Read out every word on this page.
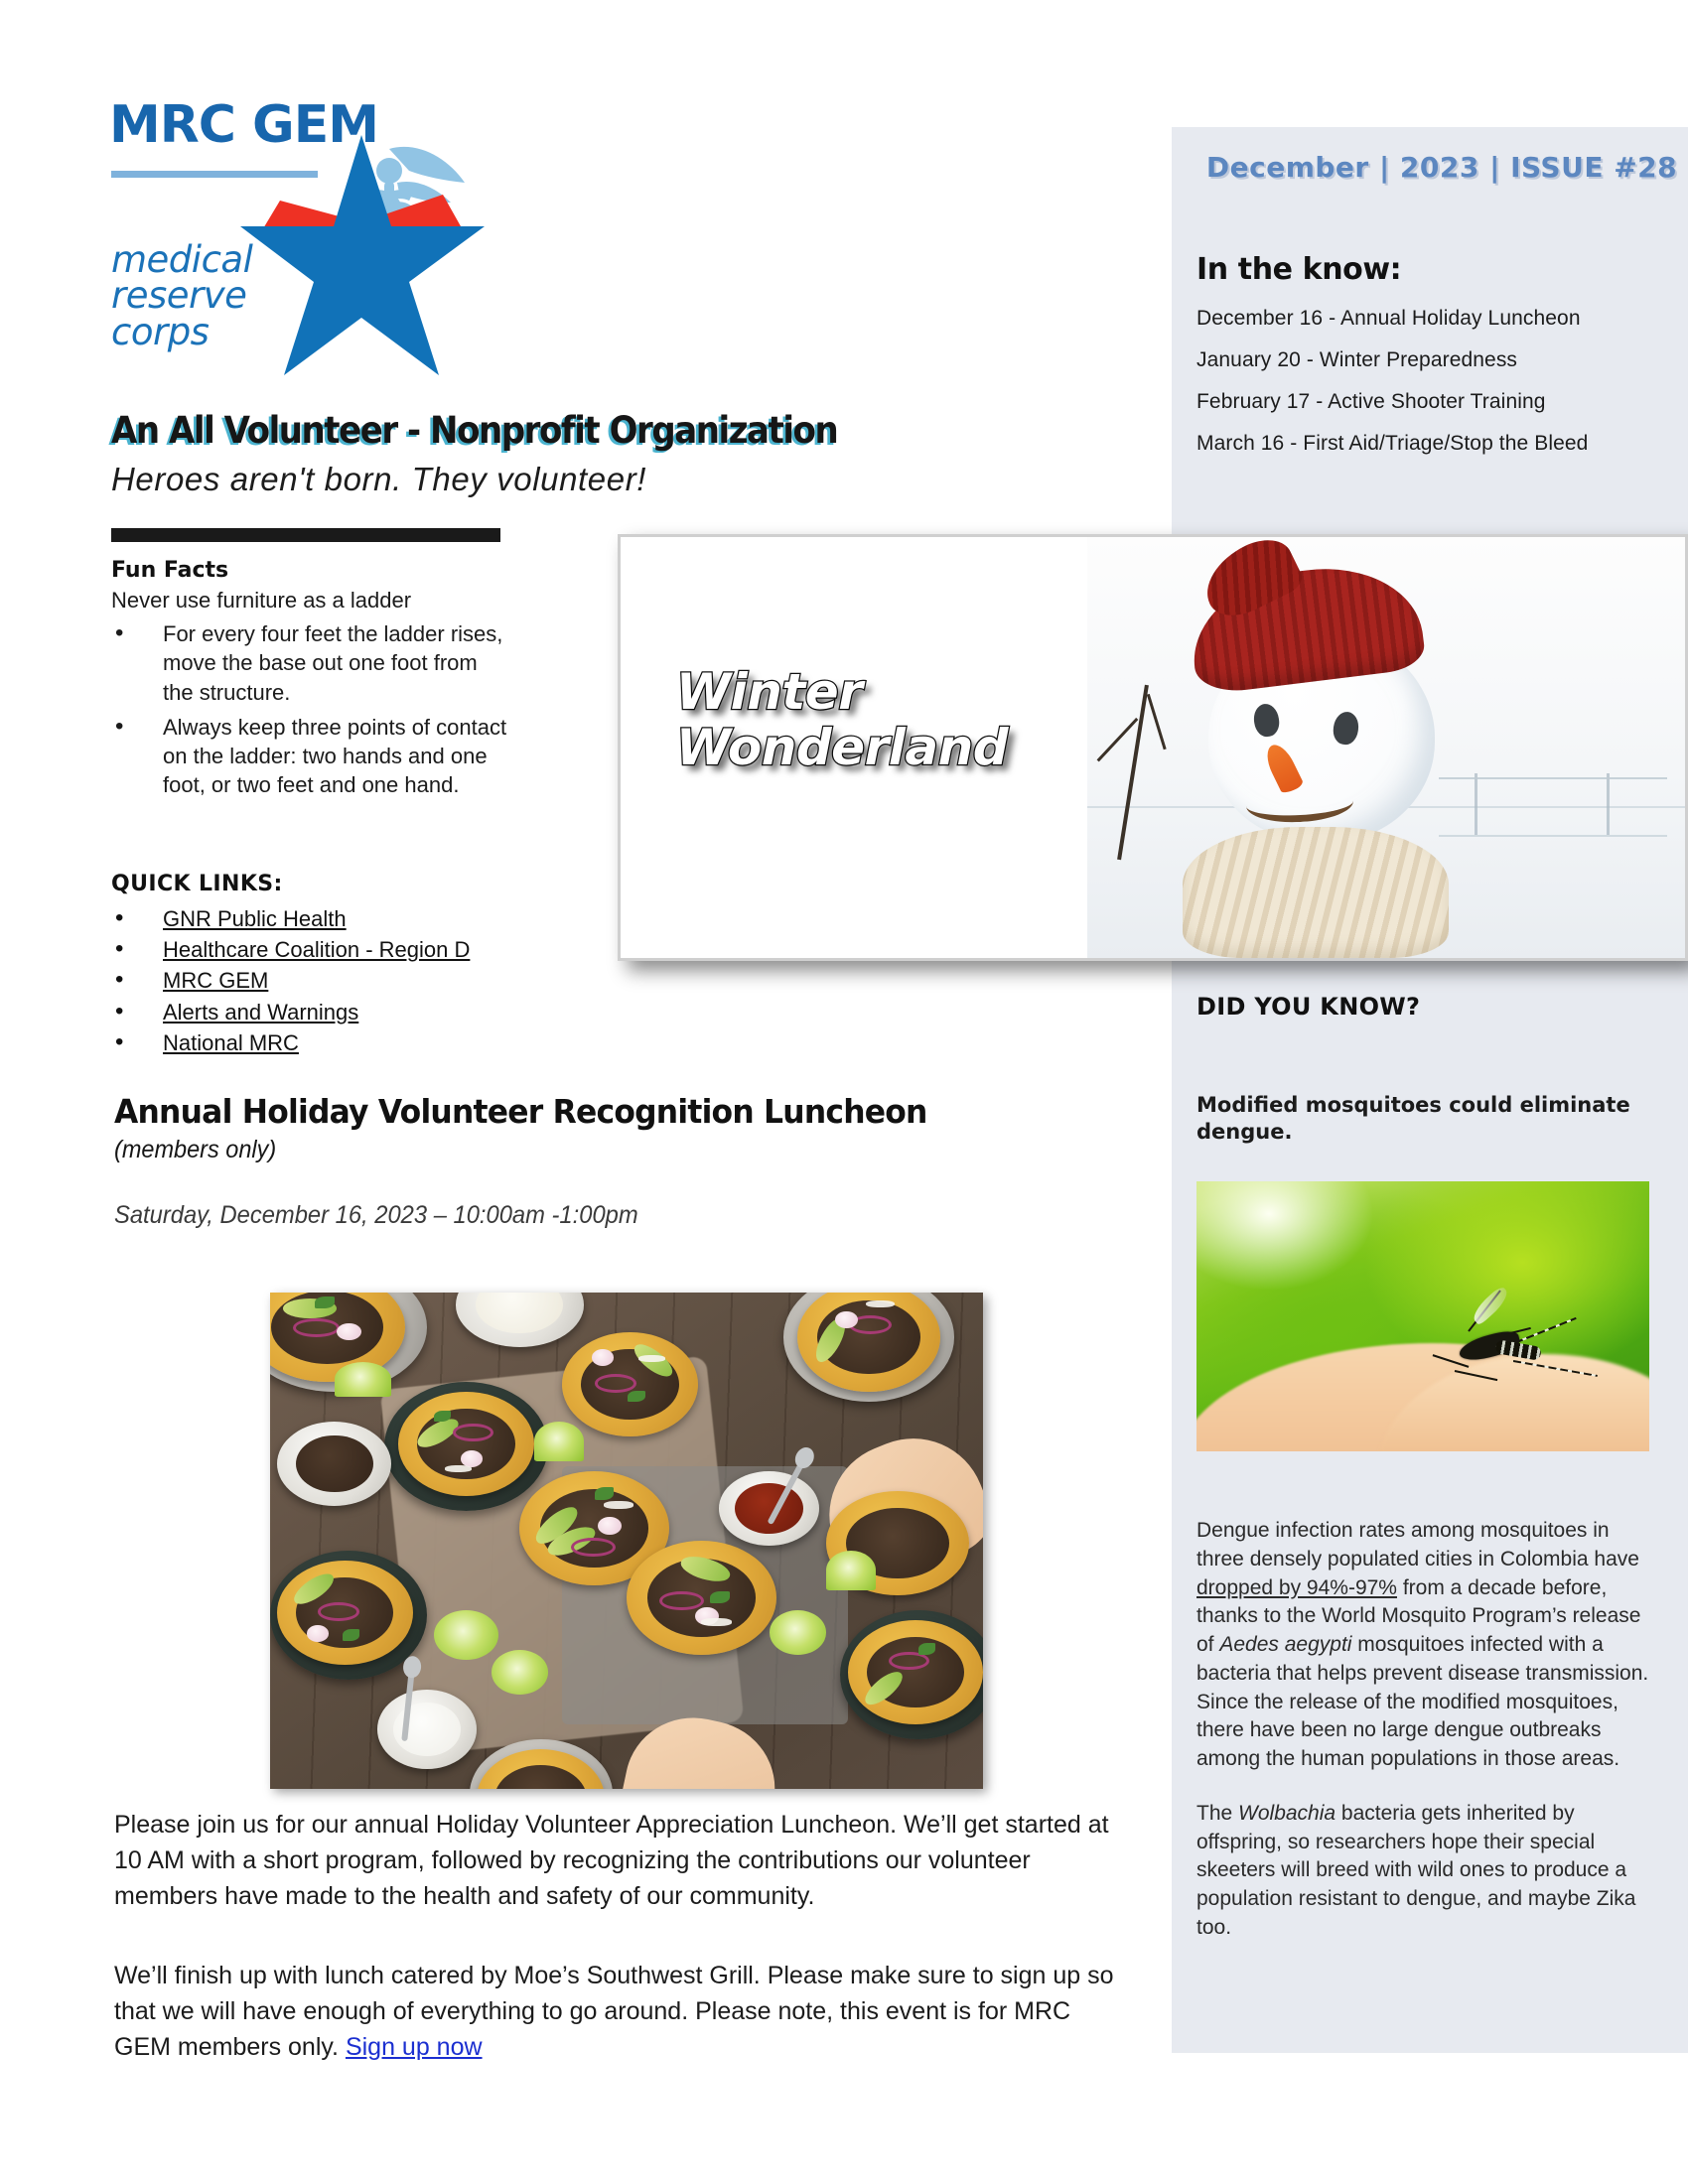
December | 2023 | ISSUE #28
In the know:
December 16 - Annual Holiday Luncheon
January 20 - Winter Preparedness
February 17 - Active Shooter Training
March 16 - First Aid/Triage/Stop the Bleed
DID YOU KNOW?
Modified mosquitoes could eliminate dengue.

Dengue infection rates among mosquitoes in three densely populated cities in Colombia have dropped by 94%-97% from a decade before, thanks to the World Mosquito Program’s release of Aedes aegypti mosquitoes infected with a bacteria that helps prevent disease transmission. Since the release of the modified mosquitoes, there have been no large dengue outbreaks among the human populations in those areas.

The Wolbachia bacteria gets inherited by offspring, so researchers hope their special skeeters will breed with wild ones to produce a population resistant to dengue, and maybe Zika too.

MRC GEM
medical
reserve
corps
An All Volunteer - Nonprofit Organization
Heroes aren't born. They volunteer!
Fun Facts
Never use furniture as a ladder
• For every four feet the ladder rises, move the base out one foot from the structure.
• Always keep three points of contact on the ladder: two hands and one foot, or two feet and one hand.
QUICK LINKS:
• GNR Public Health
• Healthcare Coalition - Region D
• MRC GEM
• Alerts and Warnings
• National MRC
Winter
Wonderland
Annual Holiday Volunteer Recognition Luncheon
(members only)
Saturday, December 16, 2023 – 10:00am -1:00pm
Please join us for our annual Holiday Volunteer Appreciation Luncheon. We’ll get started at 10 AM with a short program, followed by recognizing the contributions our volunteer members have made to the health and safety of our community.
We’ll finish up with lunch catered by Moe’s Southwest Grill. Please make sure to sign up so that we will have enough of everything to go around. Please note, this event is for MRC GEM members only. Sign up now
